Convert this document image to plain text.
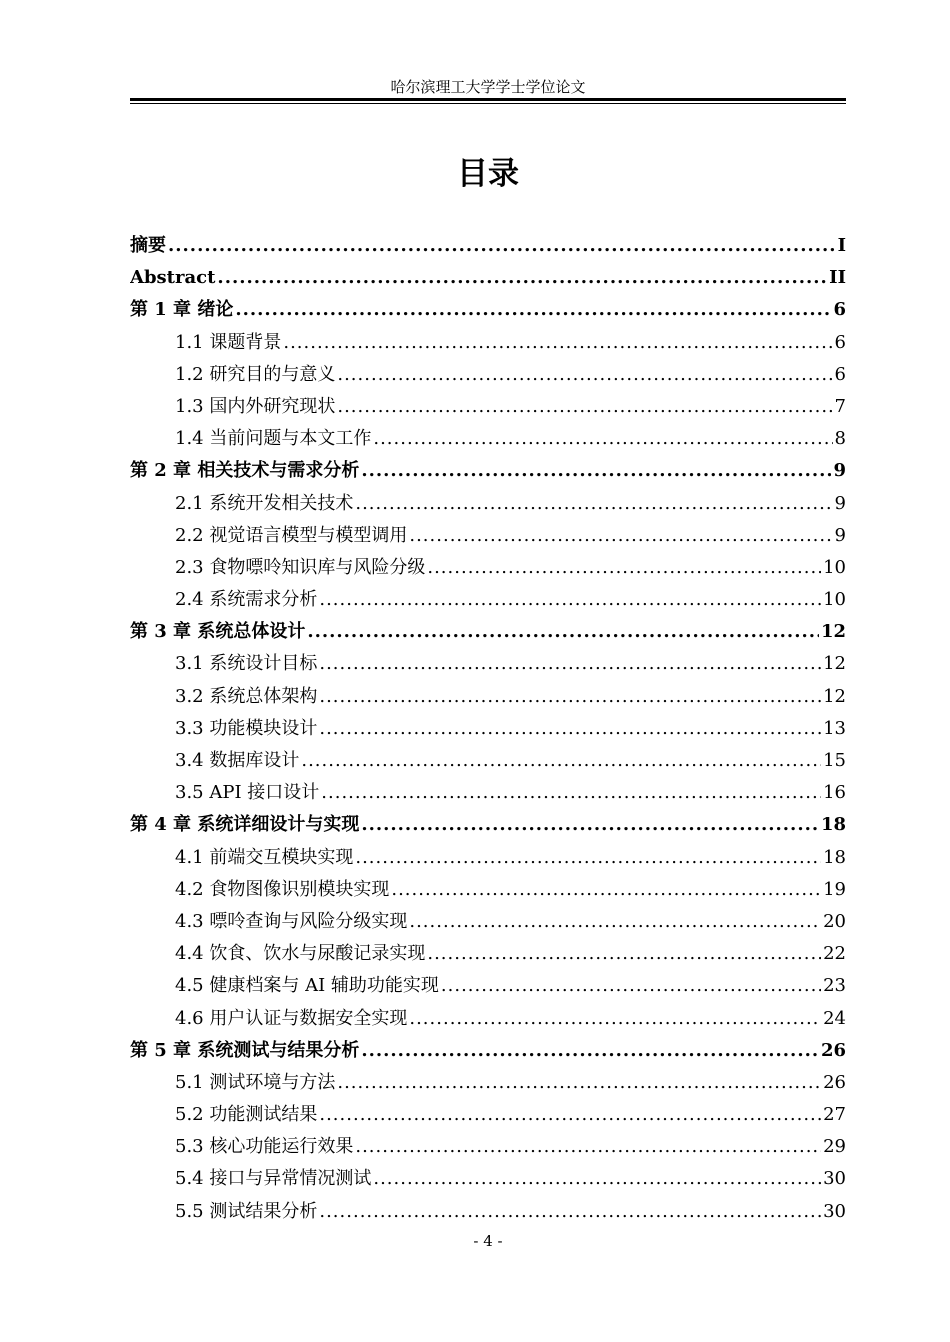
哈尔滨理工大学学士学位论文
目录
摘要 .....	I
Abstract .....	II
第 1 章 绪论 .....	6
1.1 课题背景 .....	6
1.2 研究目的与意义 .....	6
1.3 国内外研究现状 .....	7
1.4 当前问题与本文工作 .....	8
第 2 章 相关技术与需求分析 .....	9
2.1 系统开发相关技术 .....	9
2.2 视觉语言模型与模型调用 .....	9
2.3 食物嘌呤知识库与风险分级 .....	10
2.4 系统需求分析 .....	10
第 3 章 系统总体设计 .....	12
3.1 系统设计目标 .....	12
3.2 系统总体架构 .....	12
3.3 功能模块设计 .....	13
3.4 数据库设计 .....	15
3.5 API 接口设计 .....	16
第 4 章 系统详细设计与实现 .....	18
4.1 前端交互模块实现 .....	18
4.2 食物图像识别模块实现 .....	19
4.3 嘌呤查询与风险分级实现 .....	20
4.4 饮食、饮水与尿酸记录实现 .....	22
4.5 健康档案与 AI 辅助功能实现 .....	23
4.6 用户认证与数据安全实现 .....	24
第 5 章 系统测试与结果分析 .....	26
5.1 测试环境与方法 .....	26
5.2 功能测试结果 .....	27
5.3 核心功能运行效果 .....	29
5.4 接口与异常情况测试 .....	30
5.5 测试结果分析 .....	30
- 4 -
